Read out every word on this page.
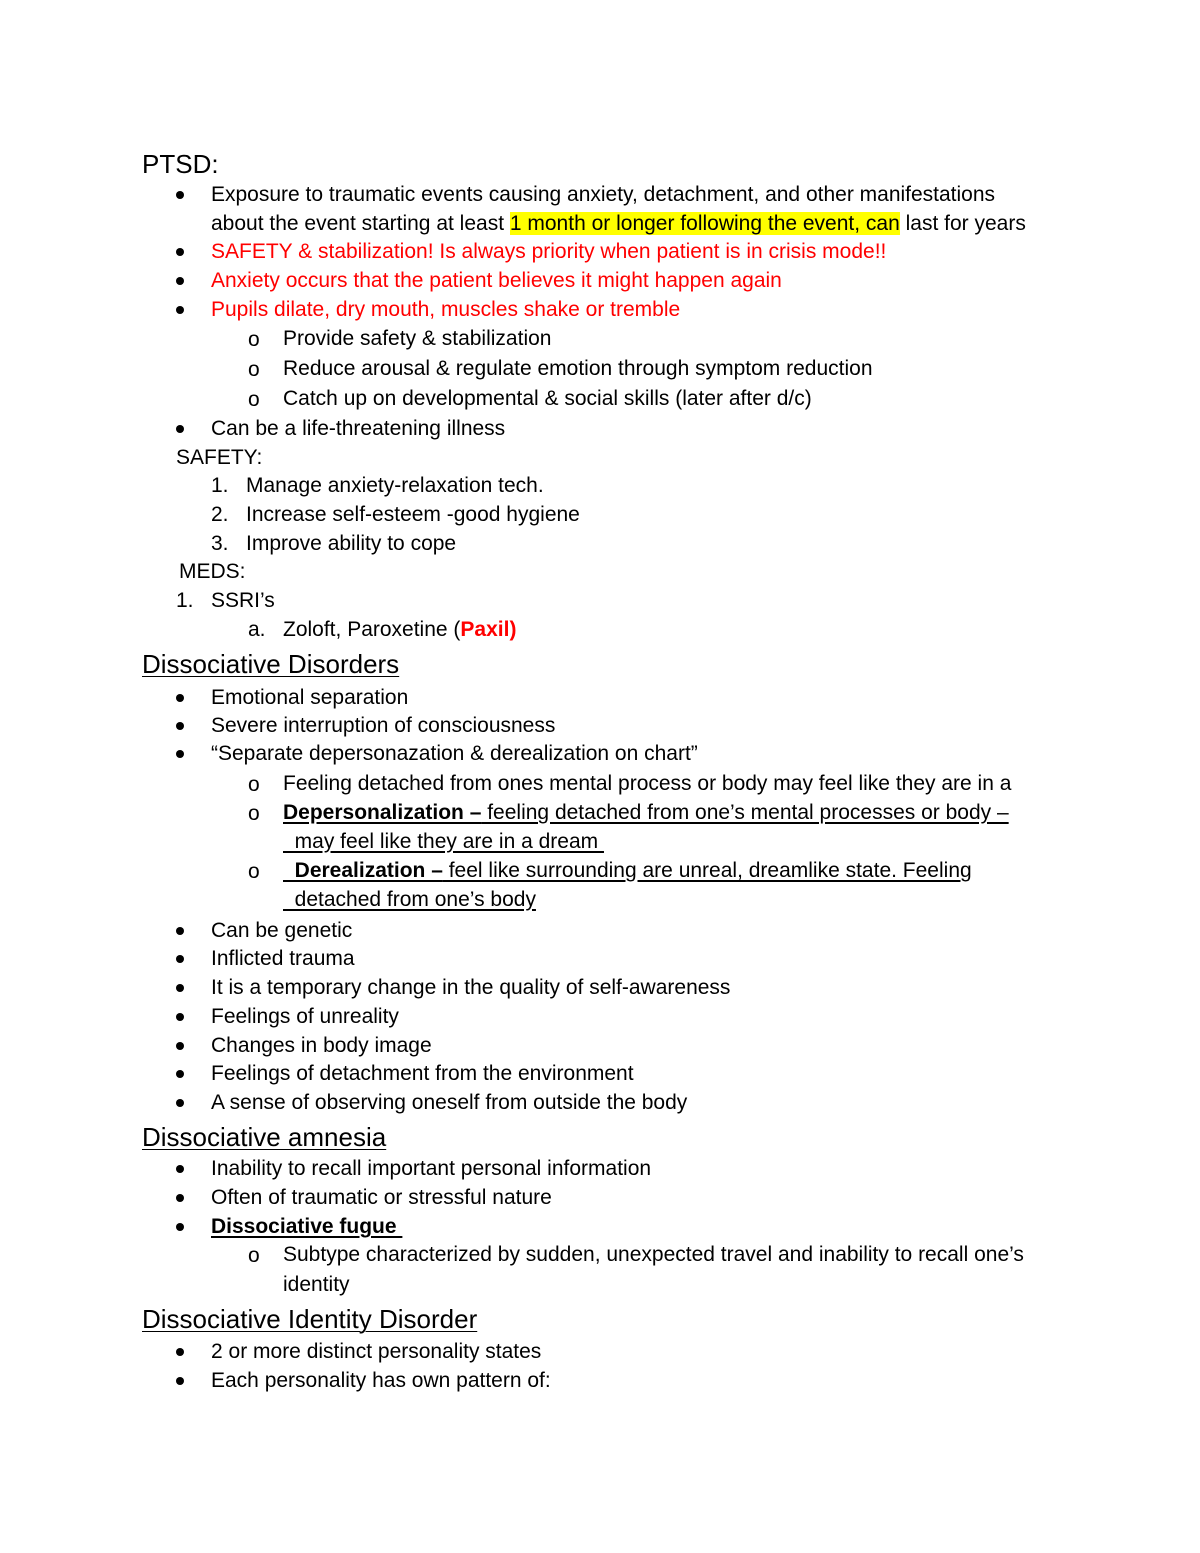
PTSD:
Exposure to traumatic events causing anxiety, detachment, and other manifestations
about the event starting at least 1 month or longer following the event, can last for years
SAFETY & stabilization! Is always priority when patient is in crisis mode!!
Anxiety occurs that the patient believes it might happen again
Pupils dilate, dry mouth, muscles shake or tremble
o Provide safety & stabilization
o Reduce arousal & regulate emotion through symptom reduction
o Catch up on developmental & social skills (later after d/c)
Can be a life-threatening illness
SAFETY:
1. Manage anxiety-relaxation tech.
2. Increase self-esteem -good hygiene
3. Improve ability to cope
MEDS:
1. SSRI’s
a. Zoloft, Paroxetine (Paxil)
Dissociative Disorders
Emotional separation
Severe interruption of consciousness
“Separate depersonazation & derealization on chart”
o Feeling detached from ones mental process or body may feel like they are in a
o Depersonalization – feeling detached from one’s mental processes or body –
may feel like they are in a dream
o Derealization – feel like surrounding are unreal, dreamlike state. Feeling
detached from one’s body
Can be genetic
Inflicted trauma
It is a temporary change in the quality of self-awareness
Feelings of unreality
Changes in body image
Feelings of detachment from the environment
A sense of observing oneself from outside the body
Dissociative amnesia
Inability to recall important personal information
Often of traumatic or stressful nature
Dissociative fugue
o Subtype characterized by sudden, unexpected travel and inability to recall one’s
identity
Dissociative Identity Disorder
2 or more distinct personality states
Each personality has own pattern of:
